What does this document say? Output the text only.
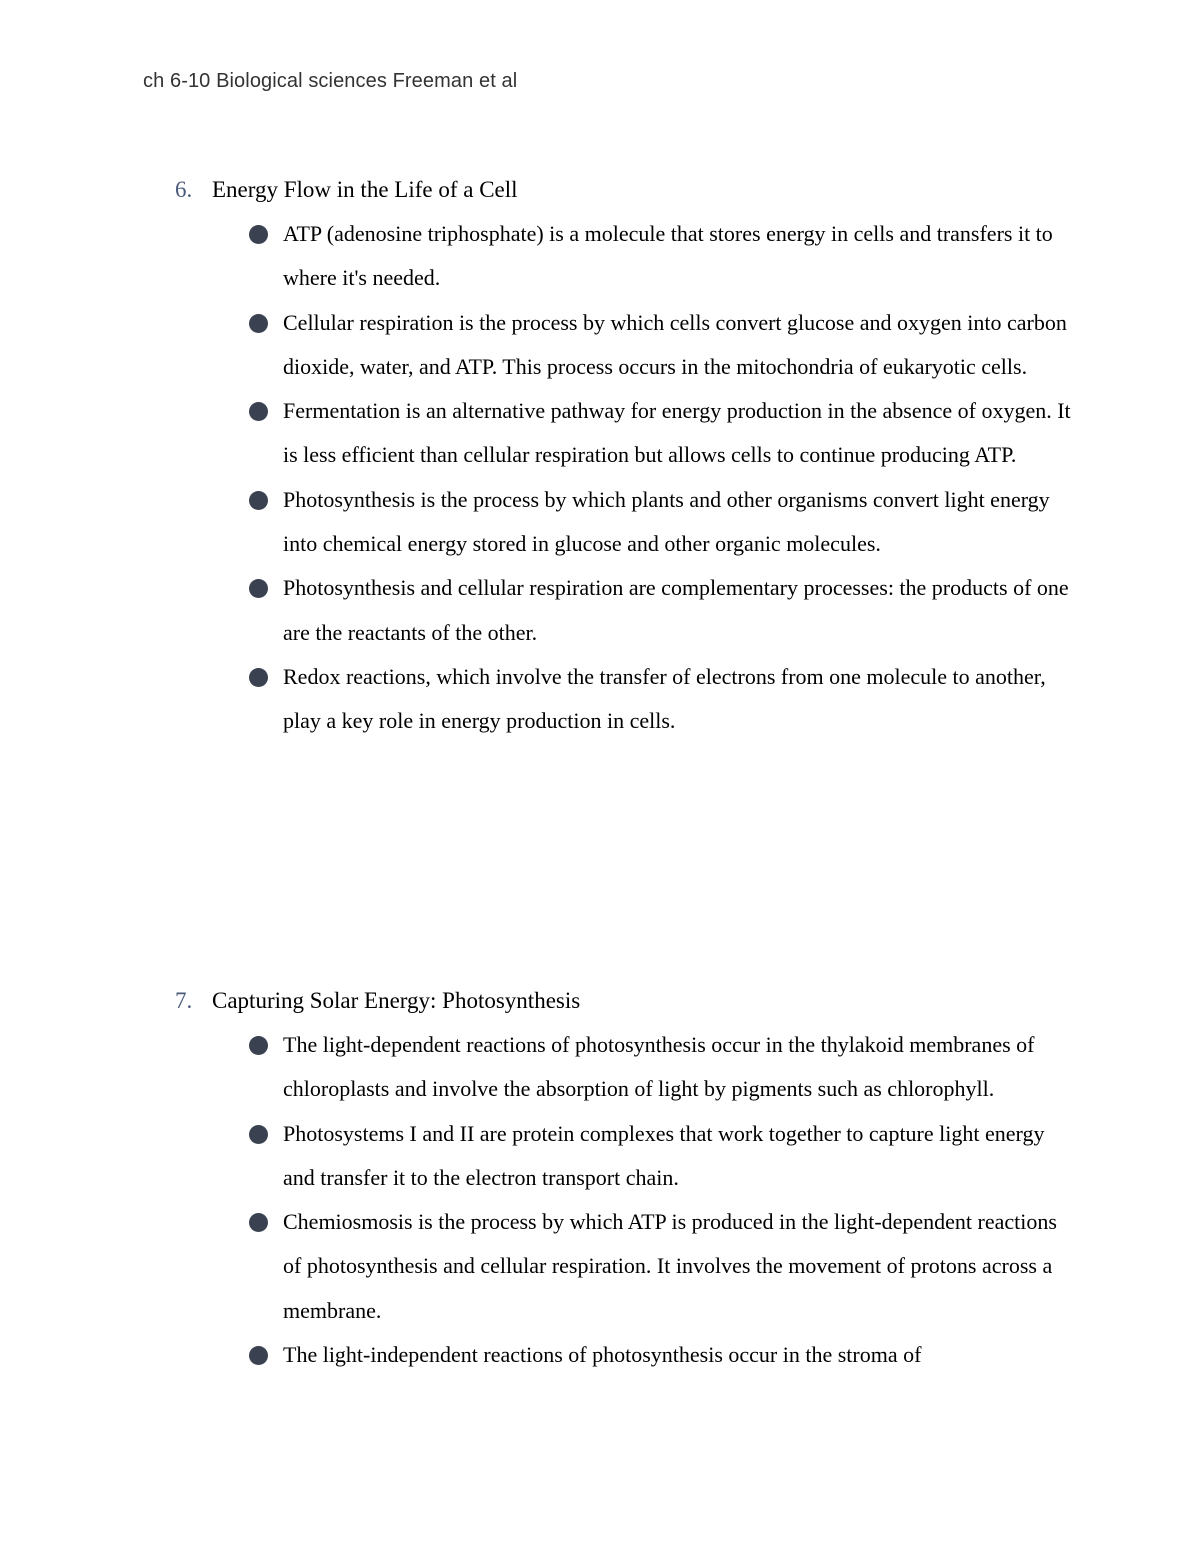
ch 6-10 Biological sciences Freeman et al
6. Energy Flow in the Life of a Cell
ATP (adenosine triphosphate) is a molecule that stores energy in cells and transfers it to where it's needed.
Cellular respiration is the process by which cells convert glucose and oxygen into carbon dioxide, water, and ATP. This process occurs in the mitochondria of eukaryotic cells.
Fermentation is an alternative pathway for energy production in the absence of oxygen. It is less efficient than cellular respiration but allows cells to continue producing ATP.
Photosynthesis is the process by which plants and other organisms convert light energy into chemical energy stored in glucose and other organic molecules.
Photosynthesis and cellular respiration are complementary processes: the products of one are the reactants of the other.
Redox reactions, which involve the transfer of electrons from one molecule to another, play a key role in energy production in cells.
7. Capturing Solar Energy: Photosynthesis
The light-dependent reactions of photosynthesis occur in the thylakoid membranes of chloroplasts and involve the absorption of light by pigments such as chlorophyll.
Photosystems I and II are protein complexes that work together to capture light energy and transfer it to the electron transport chain.
Chemiosmosis is the process by which ATP is produced in the light-dependent reactions of photosynthesis and cellular respiration. It involves the movement of protons across a membrane.
The light-independent reactions of photosynthesis occur in the stroma of
